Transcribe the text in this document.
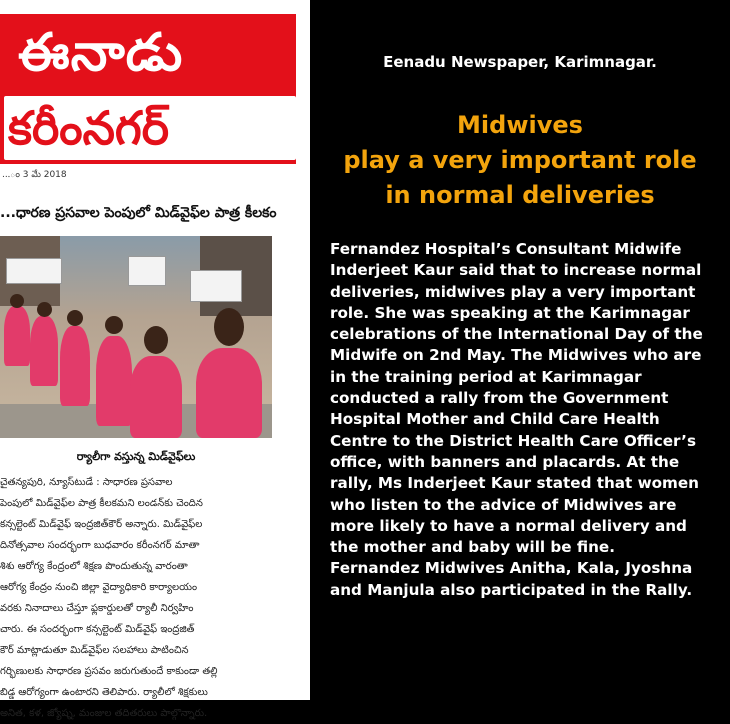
ఈనాడు
కరీంనగర్
...ం 3 మే 2018
...ధారణ ప్రసవాల పెంపులో మిడ్‌వైఫ్‌ల పాత్ర కీలకం
ర్యాలీగా వస్తున్న మిడ్‌వైఫ్‌లు
చైతన్యపురి, న్యూస్‌టుడే : సాధారణ ప్రసవాల
పెంపులో మిడ్‌వైఫ్‌ల పాత్ర కీలకమని లండన్‌కు చెందిన
కన్సల్టెంట్ మిడ్‌వైఫ్ ఇంద్రజిత్‌కౌర్ అన్నారు. మిడ్‌వైఫ్‌ల
దినోత్సవాల సందర్భంగా బుధవారం కరీంనగర్ మాతా
శిశు ఆరోగ్య కేంద్రంలో శిక్షణ పొందుతున్న వారంతా
ఆరోగ్య కేంద్రం నుంచి జిల్లా వైద్యాధికారి కార్యాలయం
వరకు నినాదాలు చేస్తూ ఫ్లకార్డులతో ర్యాలీ నిర్వహిం
చారు. ఈ సందర్భంగా కన్సల్టెంట్ మిడ్‌వైఫ్ ఇంద్రజిత్
కౌర్ మాట్లాడుతూ మిడ్‌వైఫ్‌ల సలహాలు పాటించిన
గర్భిణులకు సాధారణ ప్రసవం జరుగుతుందే కాకుండా తల్లి
బిడ్డ ఆరోగ్యంగా ఉంటారని తెలిపారు. ర్యాలీలో శిక్షకులు
అనిత, కళ, జ్యోష్న, మంజుల తదితరులు పాల్గొన్నారు.
Eenadu Newspaper, Karimnagar.
Midwives
play a very important role
in normal deliveries
Fernandez Hospital’s Consultant Midwife
Inderjeet Kaur said that to increase normal
deliveries, midwives play a very important
role. She was speaking at the Karimnagar
celebrations of the International Day of the
Midwife on 2nd May. The Midwives who are
in the training period at Karimnagar
conducted a rally from the Government
Hospital Mother and Child Care Health
Centre to the District Health Care Officer’s
office, with banners and placards. At the
rally, Ms Inderjeet Kaur stated that women
who listen to the advice of Midwives are
more likely to have a normal delivery and
the mother and baby will be fine.
Fernandez Midwives Anitha, Kala, Jyoshna
and Manjula also participated in the Rally.
